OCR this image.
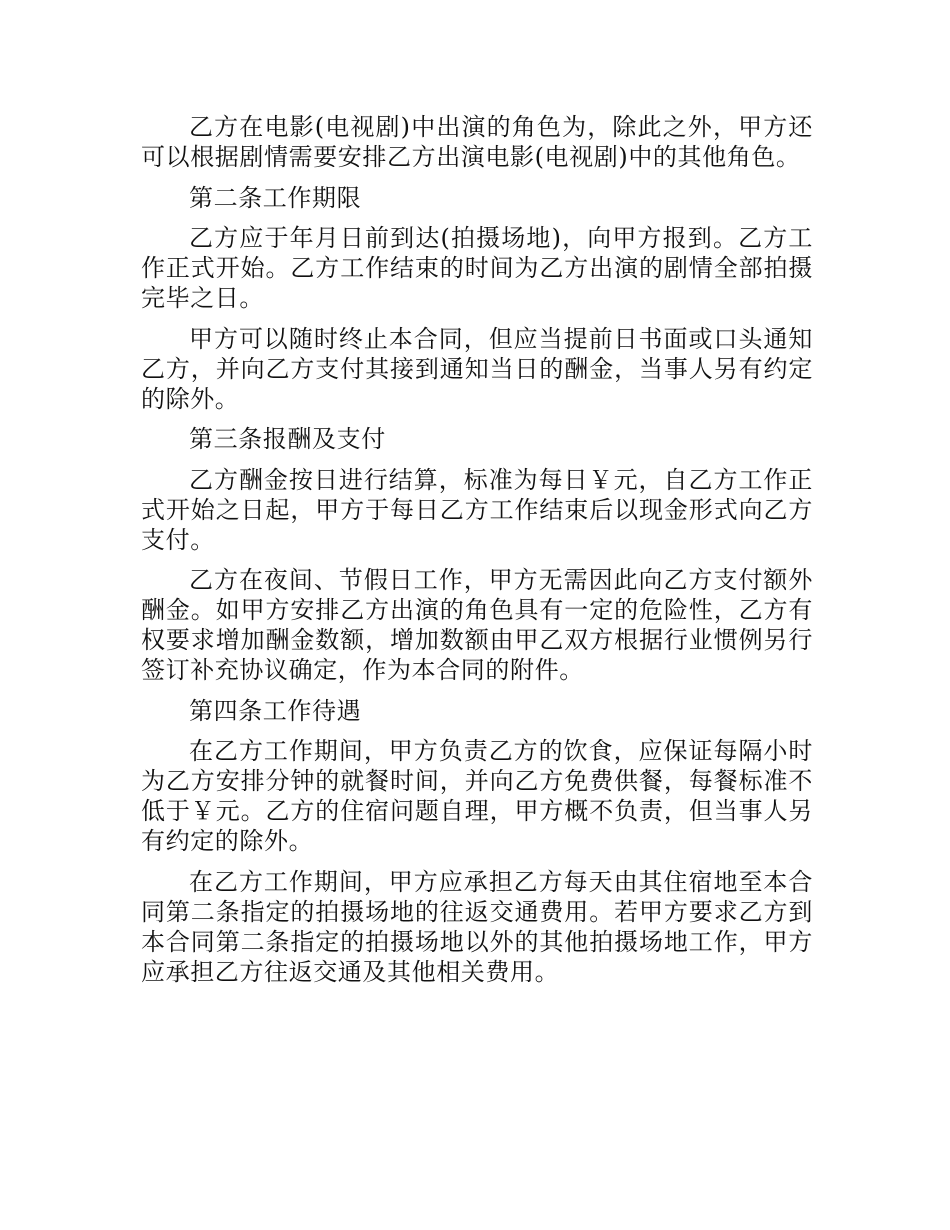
乙方在电影(电视剧)中出演的角色为，除此之外，甲方还可以根据剧情需要安排乙方出演电影(电视剧)中的其他角色。

第二条工作期限

乙方应于年月日前到达(拍摄场地)，向甲方报到。乙方工作正式开始。乙方工作结束的时间为乙方出演的剧情全部拍摄完毕之日。

甲方可以随时终止本合同，但应当提前日书面或口头通知乙方，并向乙方支付其接到通知当日的酬金，当事人另有约定的除外。

第三条报酬及支付

乙方酬金按日进行结算，标准为每日￥元，自乙方工作正式开始之日起，甲方于每日乙方工作结束后以现金形式向乙方支付。

乙方在夜间、节假日工作，甲方无需因此向乙方支付额外酬金。如甲方安排乙方出演的角色具有一定的危险性，乙方有权要求增加酬金数额，增加数额由甲乙双方根据行业惯例另行签订补充协议确定，作为本合同的附件。

第四条工作待遇

在乙方工作期间，甲方负责乙方的饮食，应保证每隔小时为乙方安排分钟的就餐时间，并向乙方免费供餐，每餐标准不低于￥元。乙方的住宿问题自理，甲方概不负责，但当事人另有约定的除外。

在乙方工作期间，甲方应承担乙方每天由其住宿地至本合同第二条指定的拍摄场地的往返交通费用。若甲方要求乙方到本合同第二条指定的拍摄场地以外的其他拍摄场地工作，甲方应承担乙方往返交通及其他相关费用。
